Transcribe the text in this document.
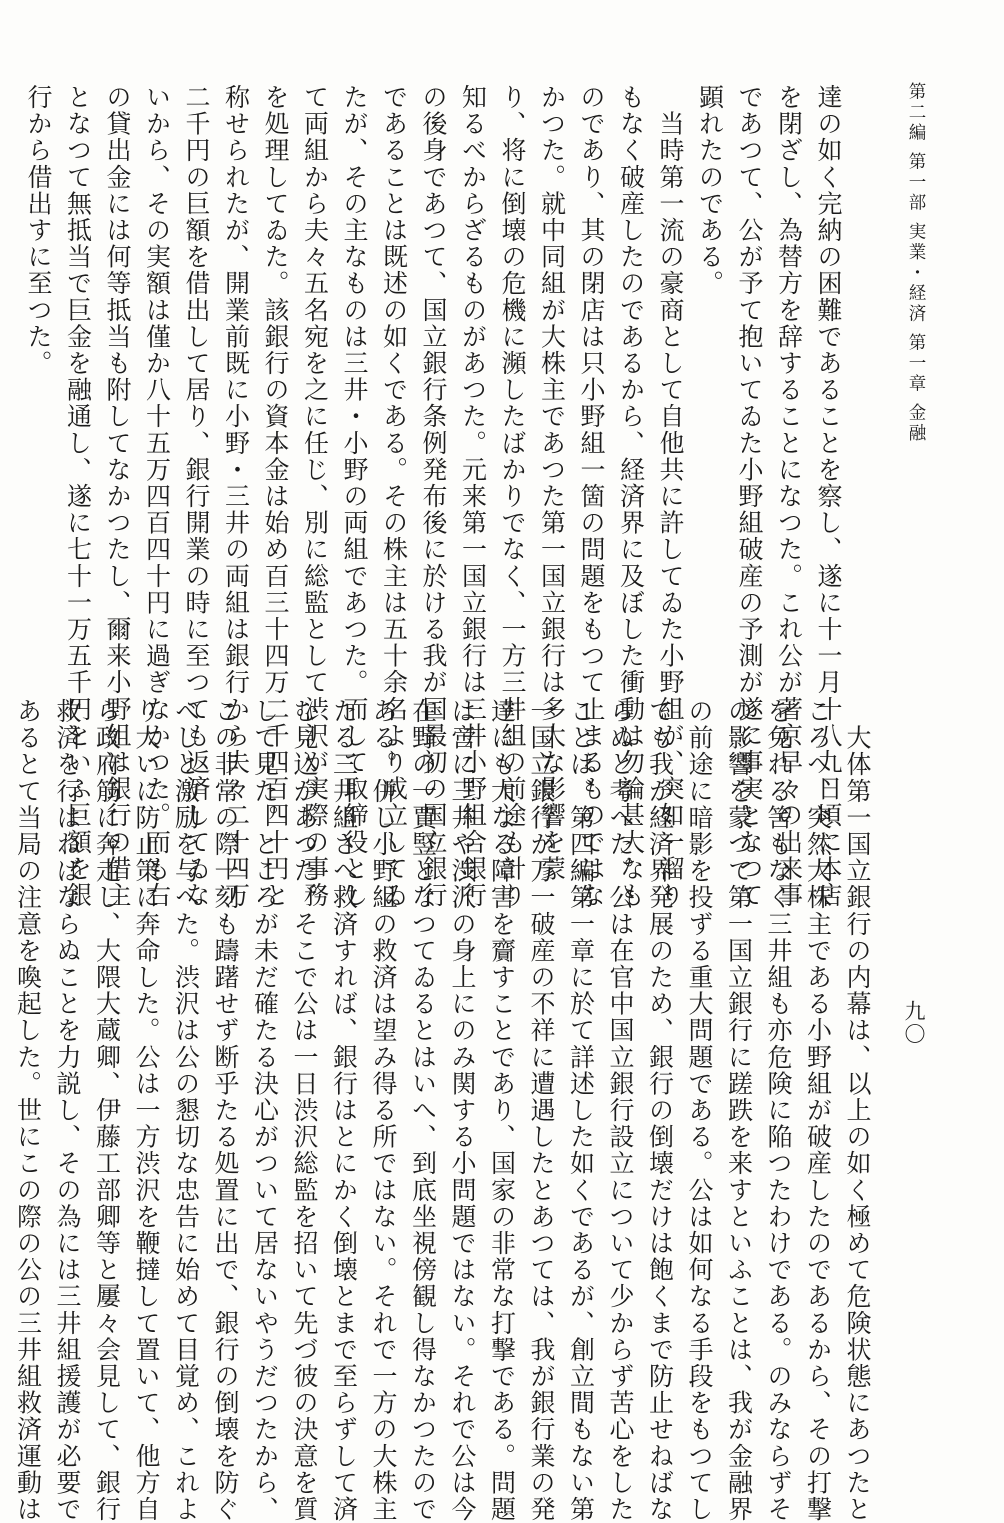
第二編 第一部 実業・経済 第一章 金融
達の如く完納の困難であることを察し、遂に十一月十八九日頃に本店
を閉ざし、為替方を辞することになつた。これ公が著京早々の出来事
であつて、公が予て抱いてゐた小野組破産の予測が遂に事実となつて
顕れたのである。
　当時第一流の豪商として自他共に許してゐた小野組が、突如一溜り
もなく破産したのであるから、経済界に及ぼした衝動は勿論甚大なも
のであり、其の閉店は只小野組一箇の問題をもつて止まるものではな
かつた。就中同組が大株主であつた第一国立銀行は多大な影響を蒙
り、将に倒壊の危機に瀕したばかりでなく、一方三井組の前途も計り
知るべからざるものがあつた。元来第一国立銀行は三井小野組合銀行
の後身であつて、国立銀行条例発布後に於ける我が国最初の国立銀行
であることは既述の如くである。その株主は五十余名より成立してゐ
たが、その主なものは三井・小野の両組であつた。而して取締役とし
て両組から夫々五名宛を之に任じ、別に総監として渋沢が実際の事務
を処理してゐた。該銀行の資本金は始め百三十四万二千四百四十円と
称せられたが、開業前既に小野・三井の両組は銀行から夫々二十四万
二千円の巨額を借出して居り、銀行開業の時に至つても返済してゐな
いから、その実額は僅か八十五万四百四十円に過ぎなかつた。而も右
の貸出金には何等抵当も附してなかつたし、爾来小野組は銀行の借主
となつて無抵当で巨金を融通し、遂に七十一万五千円といふ巨額を銀
行から借出すに至つた。
九〇
　大体第一国立銀行の内幕は、以上の如く極めて危険状態にあつたと
ころへ、突然大株主である小野組が破産したのであるから、その打撃
を免れる筈もなく三井組も亦危険に陥つたわけである。のみならずそ
の影響を蒙つて第一国立銀行に蹉跌を来すといふことは、我が金融界
の前途に暗影を投ずる重大問題である。公は如何なる手段をもつてし
ても我が経済界発展のため、銀行の倒壊だけは飽くまで防止せねばな
らぬと考へた。公は在官中国立銀行設立について少からず苦心をした
ことは、第四編第一章に於て詳述した如くであるが、創立間もない第
一国立銀行が万一破産の不祥に遭遇したとあつては、我が銀行業の発
達にも大なる障害を齎すことであり、国家の非常な打撃である。問題
は啻に三井や渋沢の身上にのみ関する小問題ではない。それで公は今
在野の一賈竪となつてゐるとはいへ、到底坐視傍観し得なかつたので
ある。併し小野組の救済は望み得る所ではない。それで一方の大株主
たる三井組さへ救済すれば、銀行はとにかく倒壊とまで至らずして済
む見込があつた。そこで公は一日渋沢総監を招いて先づ彼の決意を質
して見た。ところが未だ確たる決心がついて居ないやうだつたから、
この非常の際一刻も躊躇せず断乎たる処置に出で、銀行の倒壊を防ぐ
べしと激励を与へた。渋沢は公の懇切な忠告に始めて目覚め、これよ
り大いに防止策に奔命した。公は一方渋沢を鞭撻して置いて、他方自
ら政府筋に奔走し、大隈大蔵卿、伊藤工部卿等と屢々会見して、銀行
救済を行はねばならぬことを力説し、その為には三井組援護が必要で
あるとて当局の注意を喚起した。世にこの際の公の三井組救済運動は
